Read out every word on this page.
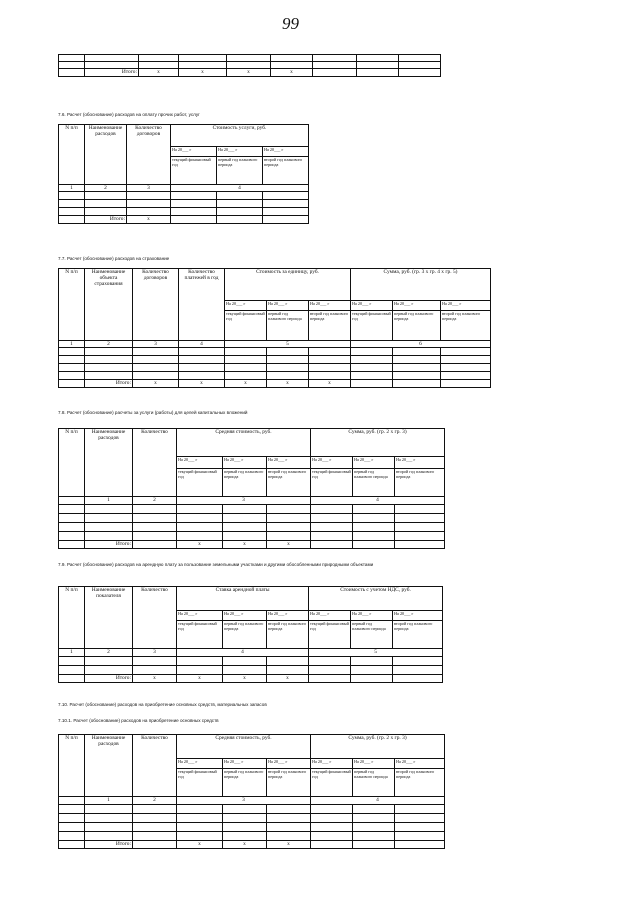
99

	Итого:	x	x	x	x			
7.6. Расчет (обоснование) расходов на оплату прочих работ, услуг
N п/п	Наименование расходов	Количество договоров	Стоимость услуги, руб.		
			На 20___ г	На 20___ г	На 20___ г
			текущий финансовый год	первый год планового периода	второй год планового периода
1	2	3	4		

	Итого:	x			
7.7. Расчет (обоснование) расходов на страхование
N п/п	Наименование объекта страхования	Количество договоров	Количество платежей в год	Стоимость за единицу, руб.			Сумма, руб. (гр. 3 x гр. 4 x гр. 5)		
				На 20___ г	На 20___ г	На 20___ г	На 20___ г	На 20___ г	На 20___ г
				текущий финансовый год	первый год планового периода	второй год планового периода	текущий финансовый год	первый год планового периода	второй год планового периода
1	2	3	4	5			6		

	Итого:	x	x	x	x	x			
7.8. Расчет (обоснование) расчеты за услуги (работы) для целей капитальных вложений
N п/п	Наименование расходов	Количество	Средняя стоимость, руб.			Сумма, руб. (гр. 2 x гр. 3)		
			На 20___ г	На 20___ г	На 20___ г	На 20___ г	На 20___ г	На 20___ г
			текущий финансовый год	первый год планового периода	второй год планового периода	текущий финансовый год	первый год планового периода	второй год планового периода
	1	2	3			4		

	Итого:		x	x	x			
7.9. Расчет (обоснование) расходов на арендную плату за пользование земельными участками и другими обособленными природными объектами
N п/п	Наименование показателя	Количество	Ставка арендной платы			Стоимость с учетом НДС, руб.		
			На 20___ г	На 20___ г	На 20___ г	На 20___ г	На 20___ г	На 20___ г
			текущий финансовый год	первый год планового периода	второй год планового периода	текущий финансовый год	первый год планового периода	второй год планового периода
1	2	3	4			5		

	Итого:	x	x	x	x			
7.10. Расчет (обоснование) расходов на приобретение основных средств, материальных запасов
7.10.1. Расчет (обоснование) расходов на приобретение основных средств
N п/п	Наименование расходов	Количество	Средняя стоимость, руб.			Сумма, руб. (гр. 2 x гр. 3)		
			На 20___ г	На 20___ г	На 20___ г	На 20___ г	На 20___ г	На 20___ г
			текущий финансовый год	первый год планового периода	второй год планового периода	текущий финансовый год	первый год планового периода	второй год планового периода
	1	2	3			4		

	Итого:		x	x	x			
